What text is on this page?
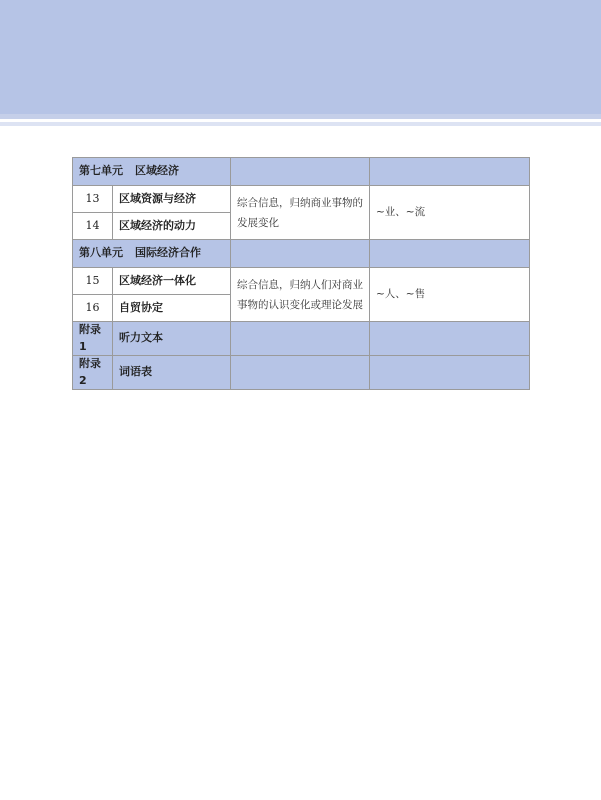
第七单元 区域经济			
13	区域资源与经济	综合信息，归纳商业事物的发展变化	~业、~流
14	区域经济的动力		
第八单元 国际经济合作			
15	区域经济一体化	综合信息，归纳人们对商业事物的认识变化或理论发展	~人、~售
16	自贸协定		
附录 1	听力文本		
附录 2	词语表		
